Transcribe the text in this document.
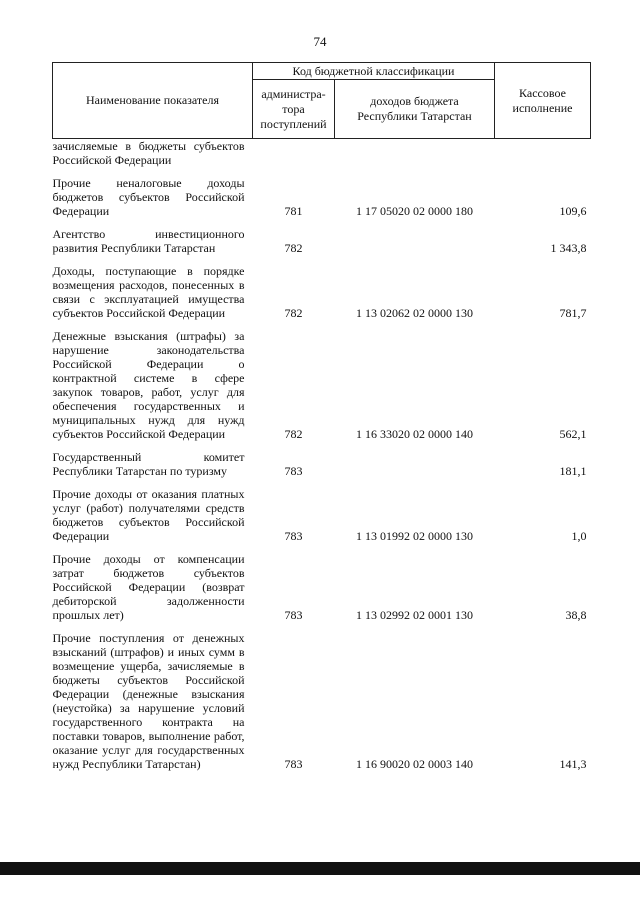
74
Наименование показателя	Код бюджетной классификации		Кассовое исполнение
	администра-тора поступлений	доходов бюджета Республики Татарстан	
зачисляемые в бюджеты субъектов Российской Федерации			

Прочие неналоговые доходы бюджетов субъектов Российской Федерации	781	1 17 05020 02 0000 180	109,6

Агентство инвестиционного развития Республики Татарстан	782		1 343,8

Доходы, поступающие в порядке возмещения расходов, понесенных в связи с эксплуатацией имущества субъектов Российской Федерации	782	1 13 02062 02 0000 130	781,7

Денежные взыскания (штрафы) за нарушение законодательства Российской Федерации о контрактной системе в сфере закупок товаров, работ, услуг для обеспечения государственных и муниципальных нужд для нужд субъектов Российской Федерации	782	1 16 33020 02 0000 140	562,1

Государственный комитет Республики Татарстан по туризму	783		181,1

Прочие доходы от оказания платных услуг (работ) получателями средств бюджетов субъектов Российской Федерации	783	1 13 01992 02 0000 130	1,0

Прочие доходы от компенсации затрат бюджетов субъектов Российской Федерации (возврат дебиторской задолженности прошлых лет)	783	1 13 02992 02 0001 130	38,8

Прочие поступления от денежных взысканий (штрафов) и иных сумм в возмещение ущерба, зачисляемые в бюджеты субъектов Российской Федерации (денежные взыскания (неустойка) за нарушение условий государственного контракта на поставки товаров, выполнение работ, оказание услуг для государственных нужд Республики Татарстан)	783	1 16 90020 02 0003 140	141,3
